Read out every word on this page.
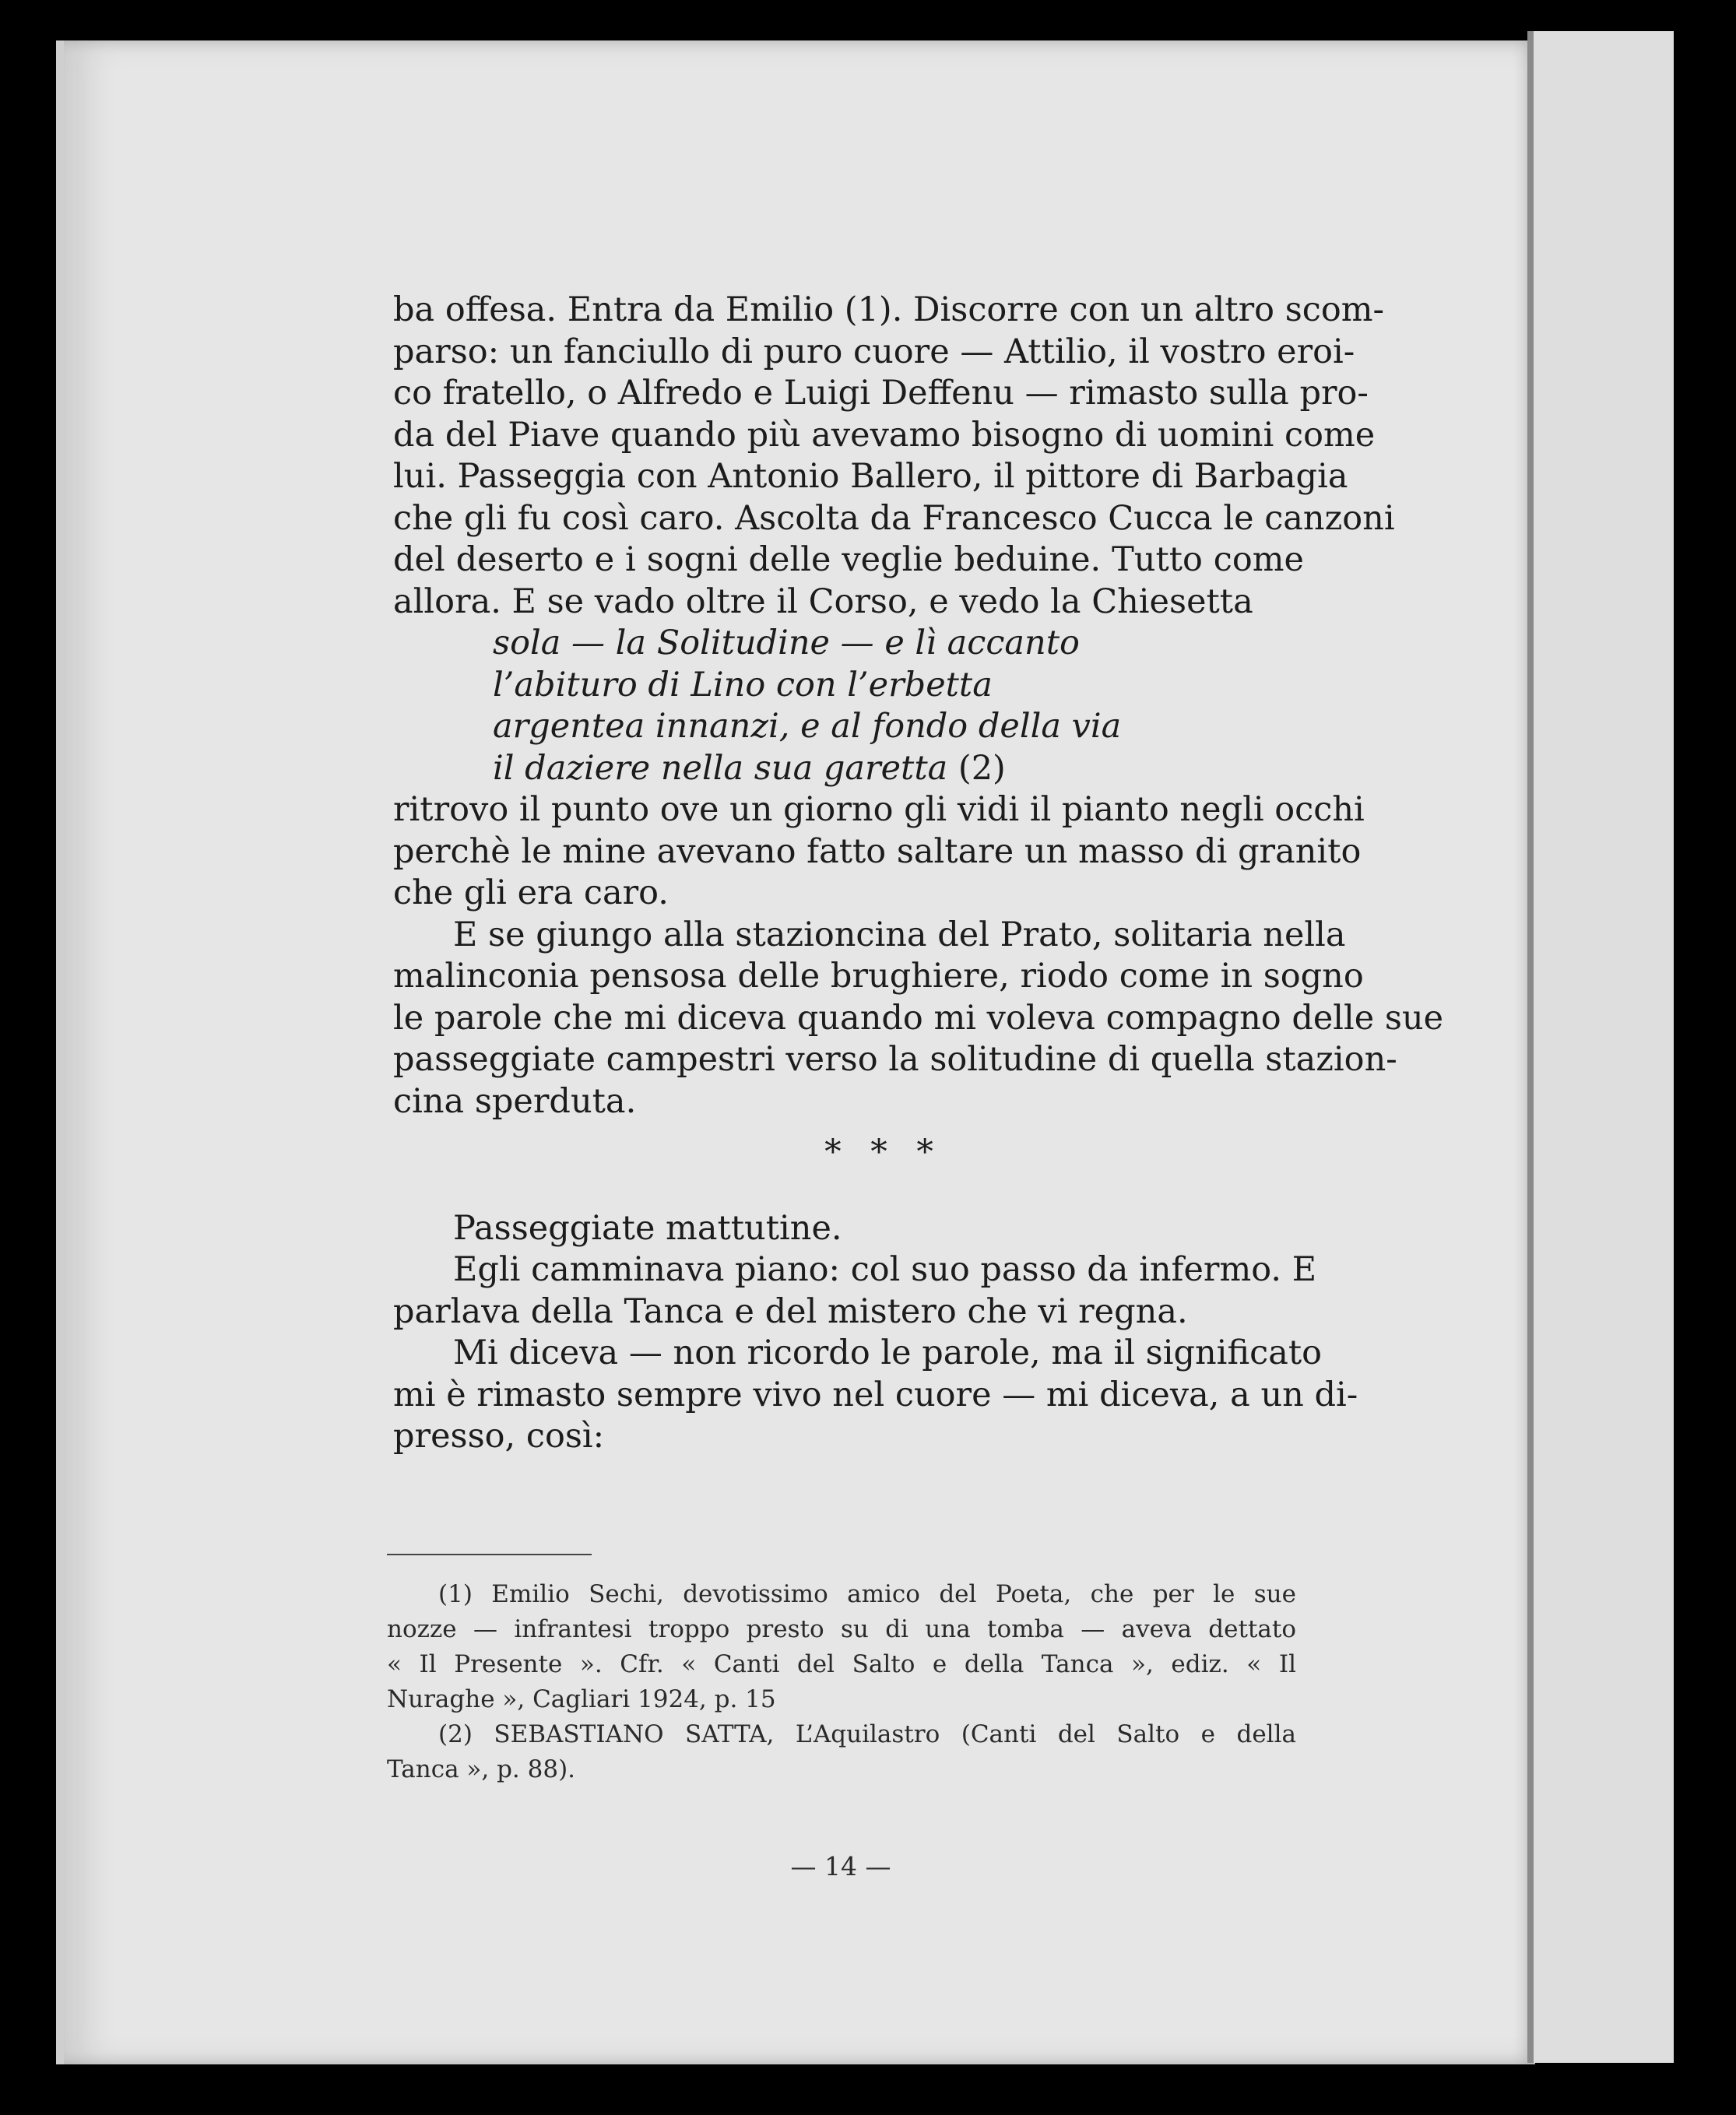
ba offesa. Entra da Emilio (1). Discorre con un altro scom-
parso: un fanciullo di puro cuore — Attilio, il vostro eroi-
co fratello, o Alfredo e Luigi Deffenu — rimasto sulla pro-
da del Piave quando più avevamo bisogno di uomini come
lui. Passeggia con Antonio Ballero, il pittore di Barbagia
che gli fu così caro. Ascolta da Francesco Cucca le canzoni
del deserto e i sogni delle veglie beduine. Tutto come
allora. E se vado oltre il Corso, e vedo la Chiesetta
sola — la Solitudine — e lì accanto
l’abituro di Lino con l’erbetta
argentea innanzi, e al fondo della via
il daziere nella sua garetta (2)
ritrovo il punto ove un giorno gli vidi il pianto negli occhi
perchè le mine avevano fatto saltare un masso di granito
che gli era caro.
E se giungo alla stazioncina del Prato, solitaria nella
malinconia pensosa delle brughiere, riodo come in sogno
le parole che mi diceva quando mi voleva compagno delle sue
passeggiate campestri verso la solitudine di quella stazion-
cina sperduta.
* * *
Passeggiate mattutine.
Egli camminava piano: col suo passo da infermo. E
parlava della Tanca e del mistero che vi regna.
Mi diceva — non ricordo le parole, ma il significato
mi è rimasto sempre vivo nel cuore — mi diceva, a un di-
presso, così:
(1) Emilio Sechi, devotissimo amico del Poeta, che per le sue
nozze — infrantesi troppo presto su di una tomba — aveva dettato
« Il Presente ». Cfr. « Canti del Salto e della Tanca », ediz. « Il
Nuraghe », Cagliari 1924, p. 15
(2) SEBASTIANO SATTA, L’Aquilastro (Canti del Salto e della
Tanca », p. 88).
— 14 —
